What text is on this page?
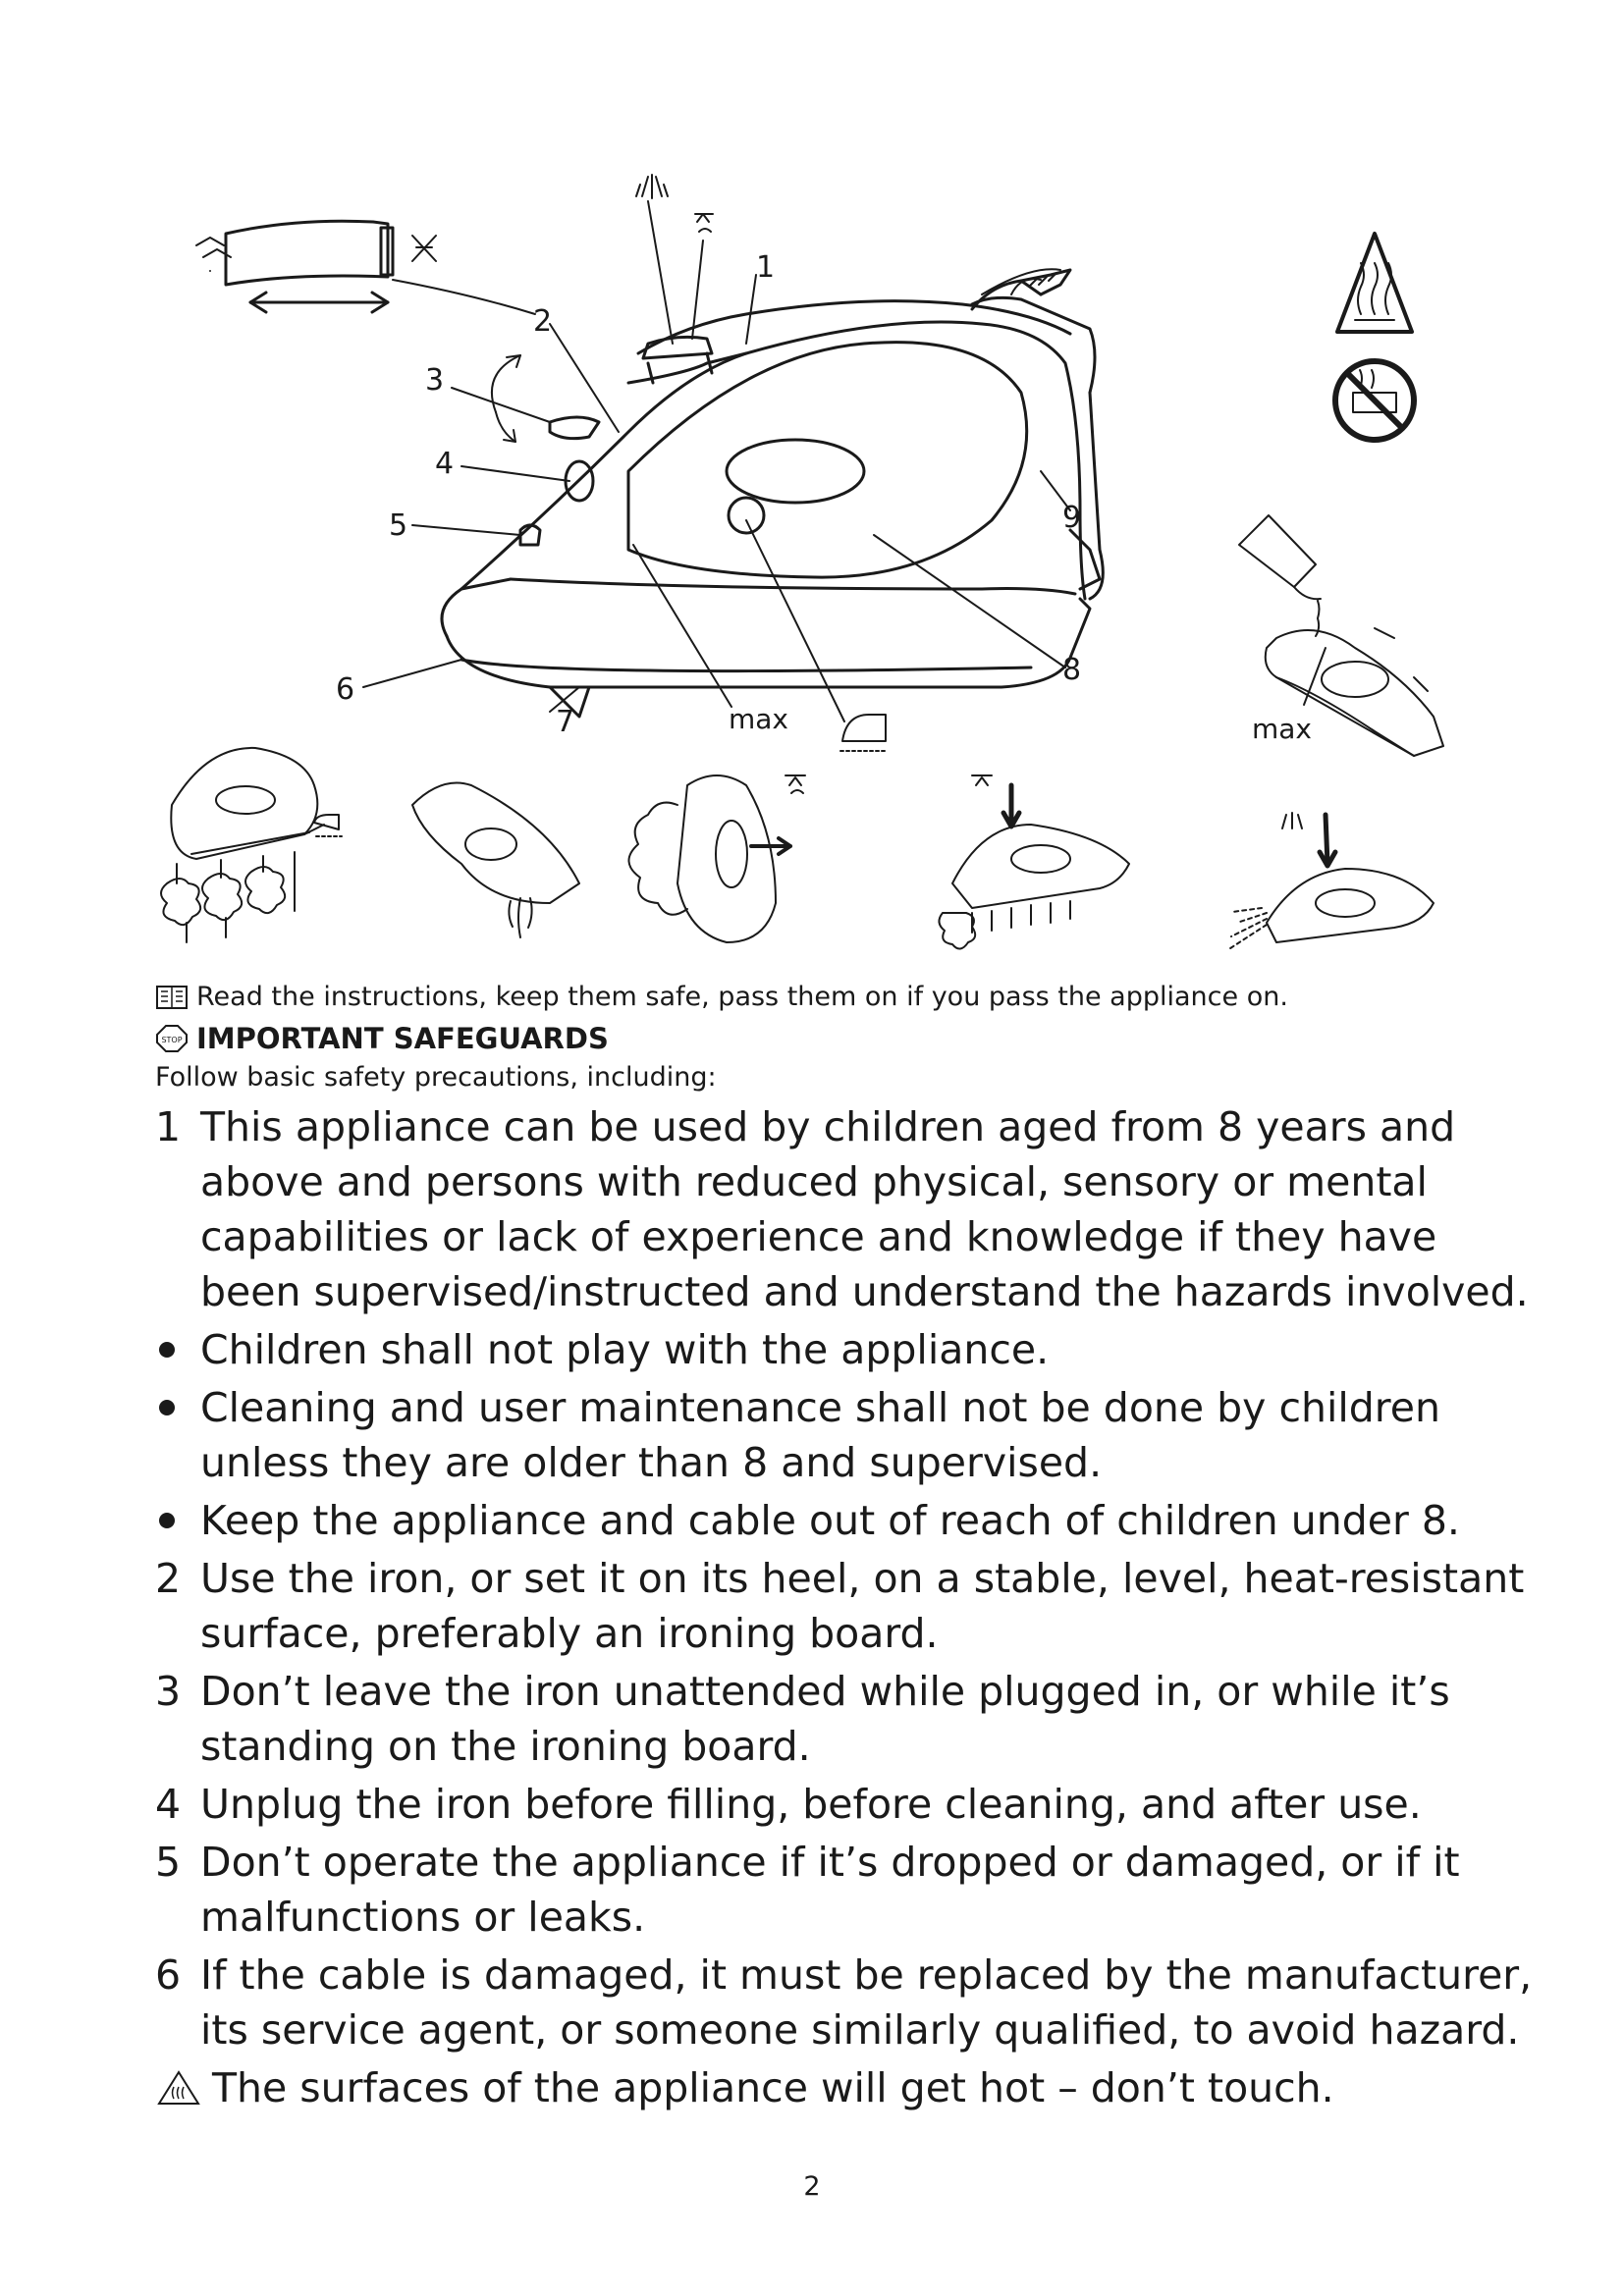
1
2
3
4
5
6
7
8
9
max	max
Read the instructions, keep them safe, pass them on if you pass the appliance on.
STOP IMPORTANT SAFEGUARDS
Follow basic safety precautions, including:
1 This appliance can be used by children aged from 8 years and above and persons with reduced physical, sensory or mental capabilities or lack of experience and knowledge if they have been supervised/instructed and understand the hazards involved.
Children shall not play with the appliance.
Cleaning and user maintenance shall not be done by children unless they are older than 8 and supervised.
Keep the appliance and cable out of reach of children under 8.
2 Use the iron, or set it on its heel, on a stable, level, heat-resistant surface, preferably an ironing board.
3 Don’t leave the iron unattended while plugged in, or while it’s standing on the ironing board.
4 Unplug the iron before filling, before cleaning, and after use.
5 Don’t operate the appliance if it’s dropped or damaged, or if it malfunctions or leaks.
6 If the cable is damaged, it must be replaced by the manufacturer, its service agent, or someone similarly qualified, to avoid hazard.
The surfaces of the appliance will get hot – don’t touch.
2
